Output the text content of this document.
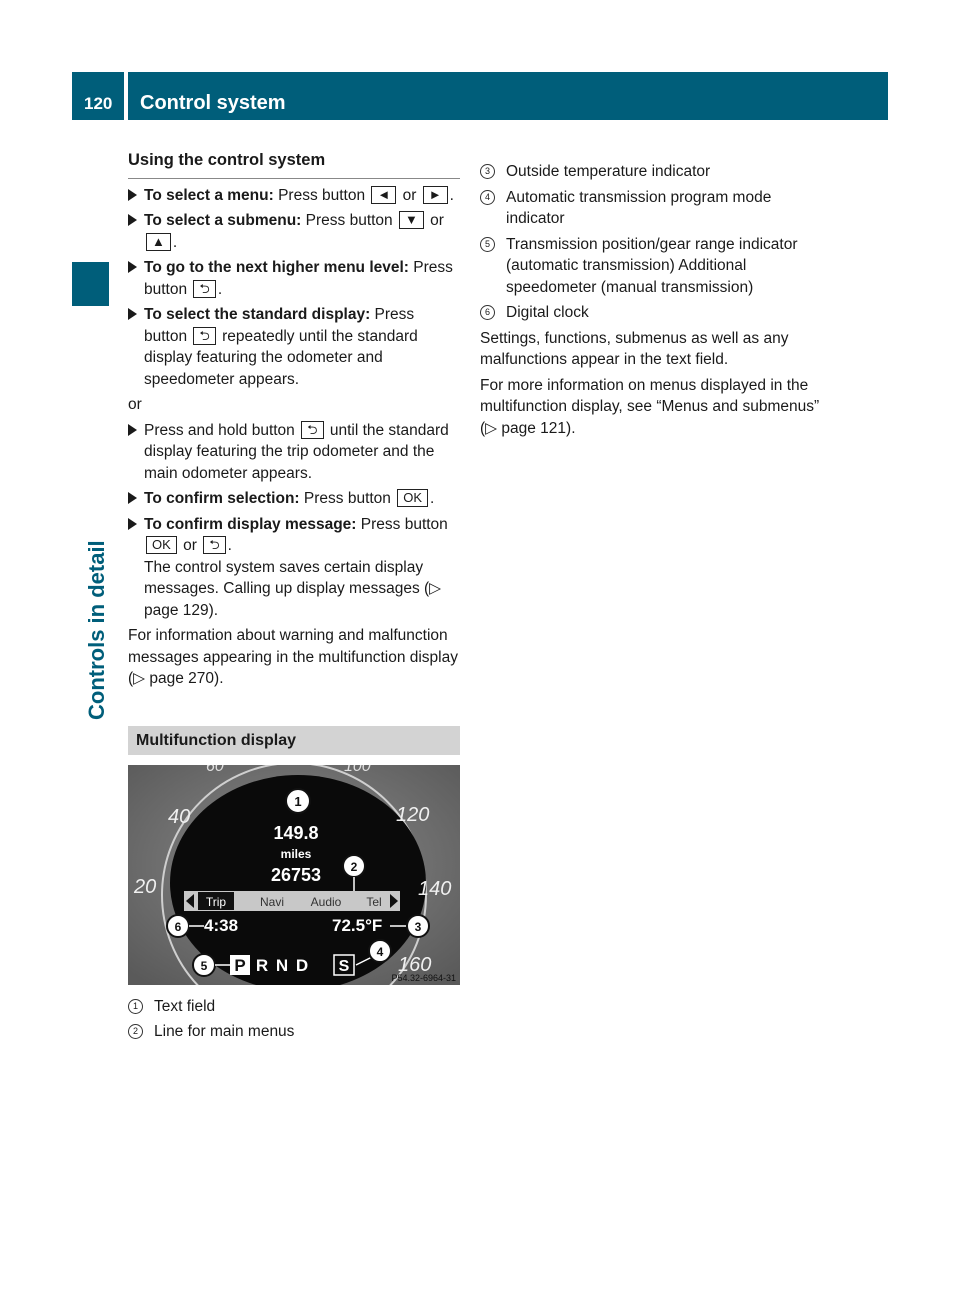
120 Control system
Controls in detail
Using the control system
To select a menu: Press button ◄ or ► .
To select a submenu: Press button ▼ or ▲ .
To go to the next higher menu level: Press button ⮌ .
To select the standard display: Press button ⮌ repeatedly until the standard display featuring the odometer and speedometer appears.

or

Press and hold button ⮌ until the standard display featuring the trip odometer and the main odometer appears.
To confirm selection: Press button OK .
To confirm display message: Press button OK or ⮌ .
The control system saves certain display messages. Calling up display messages (▷ page 129).

For information about warning and malfunction messages appearing in the multifunction display (▷ page 270).

Multifunction display
40	120
20	140
160
60	100
1
149.8
miles
26753 2
Trip	Navi Audio Tel
6 4:38	72.5°F	3
5 P R N D S
4
P54.32-6964-31
1	Text field
2	Line for main menus
3	Outside temperature indicator
4	Automatic transmission program mode indicator
5	Transmission position/gear range indicator (automatic transmission) Additional speedometer (manual transmission)
6	Digital clock

Settings, functions, submenus as well as any malfunctions appear in the text field.

For more information on menus displayed in the multifunction display, see “Menus and submenus” (▷ page 121).
